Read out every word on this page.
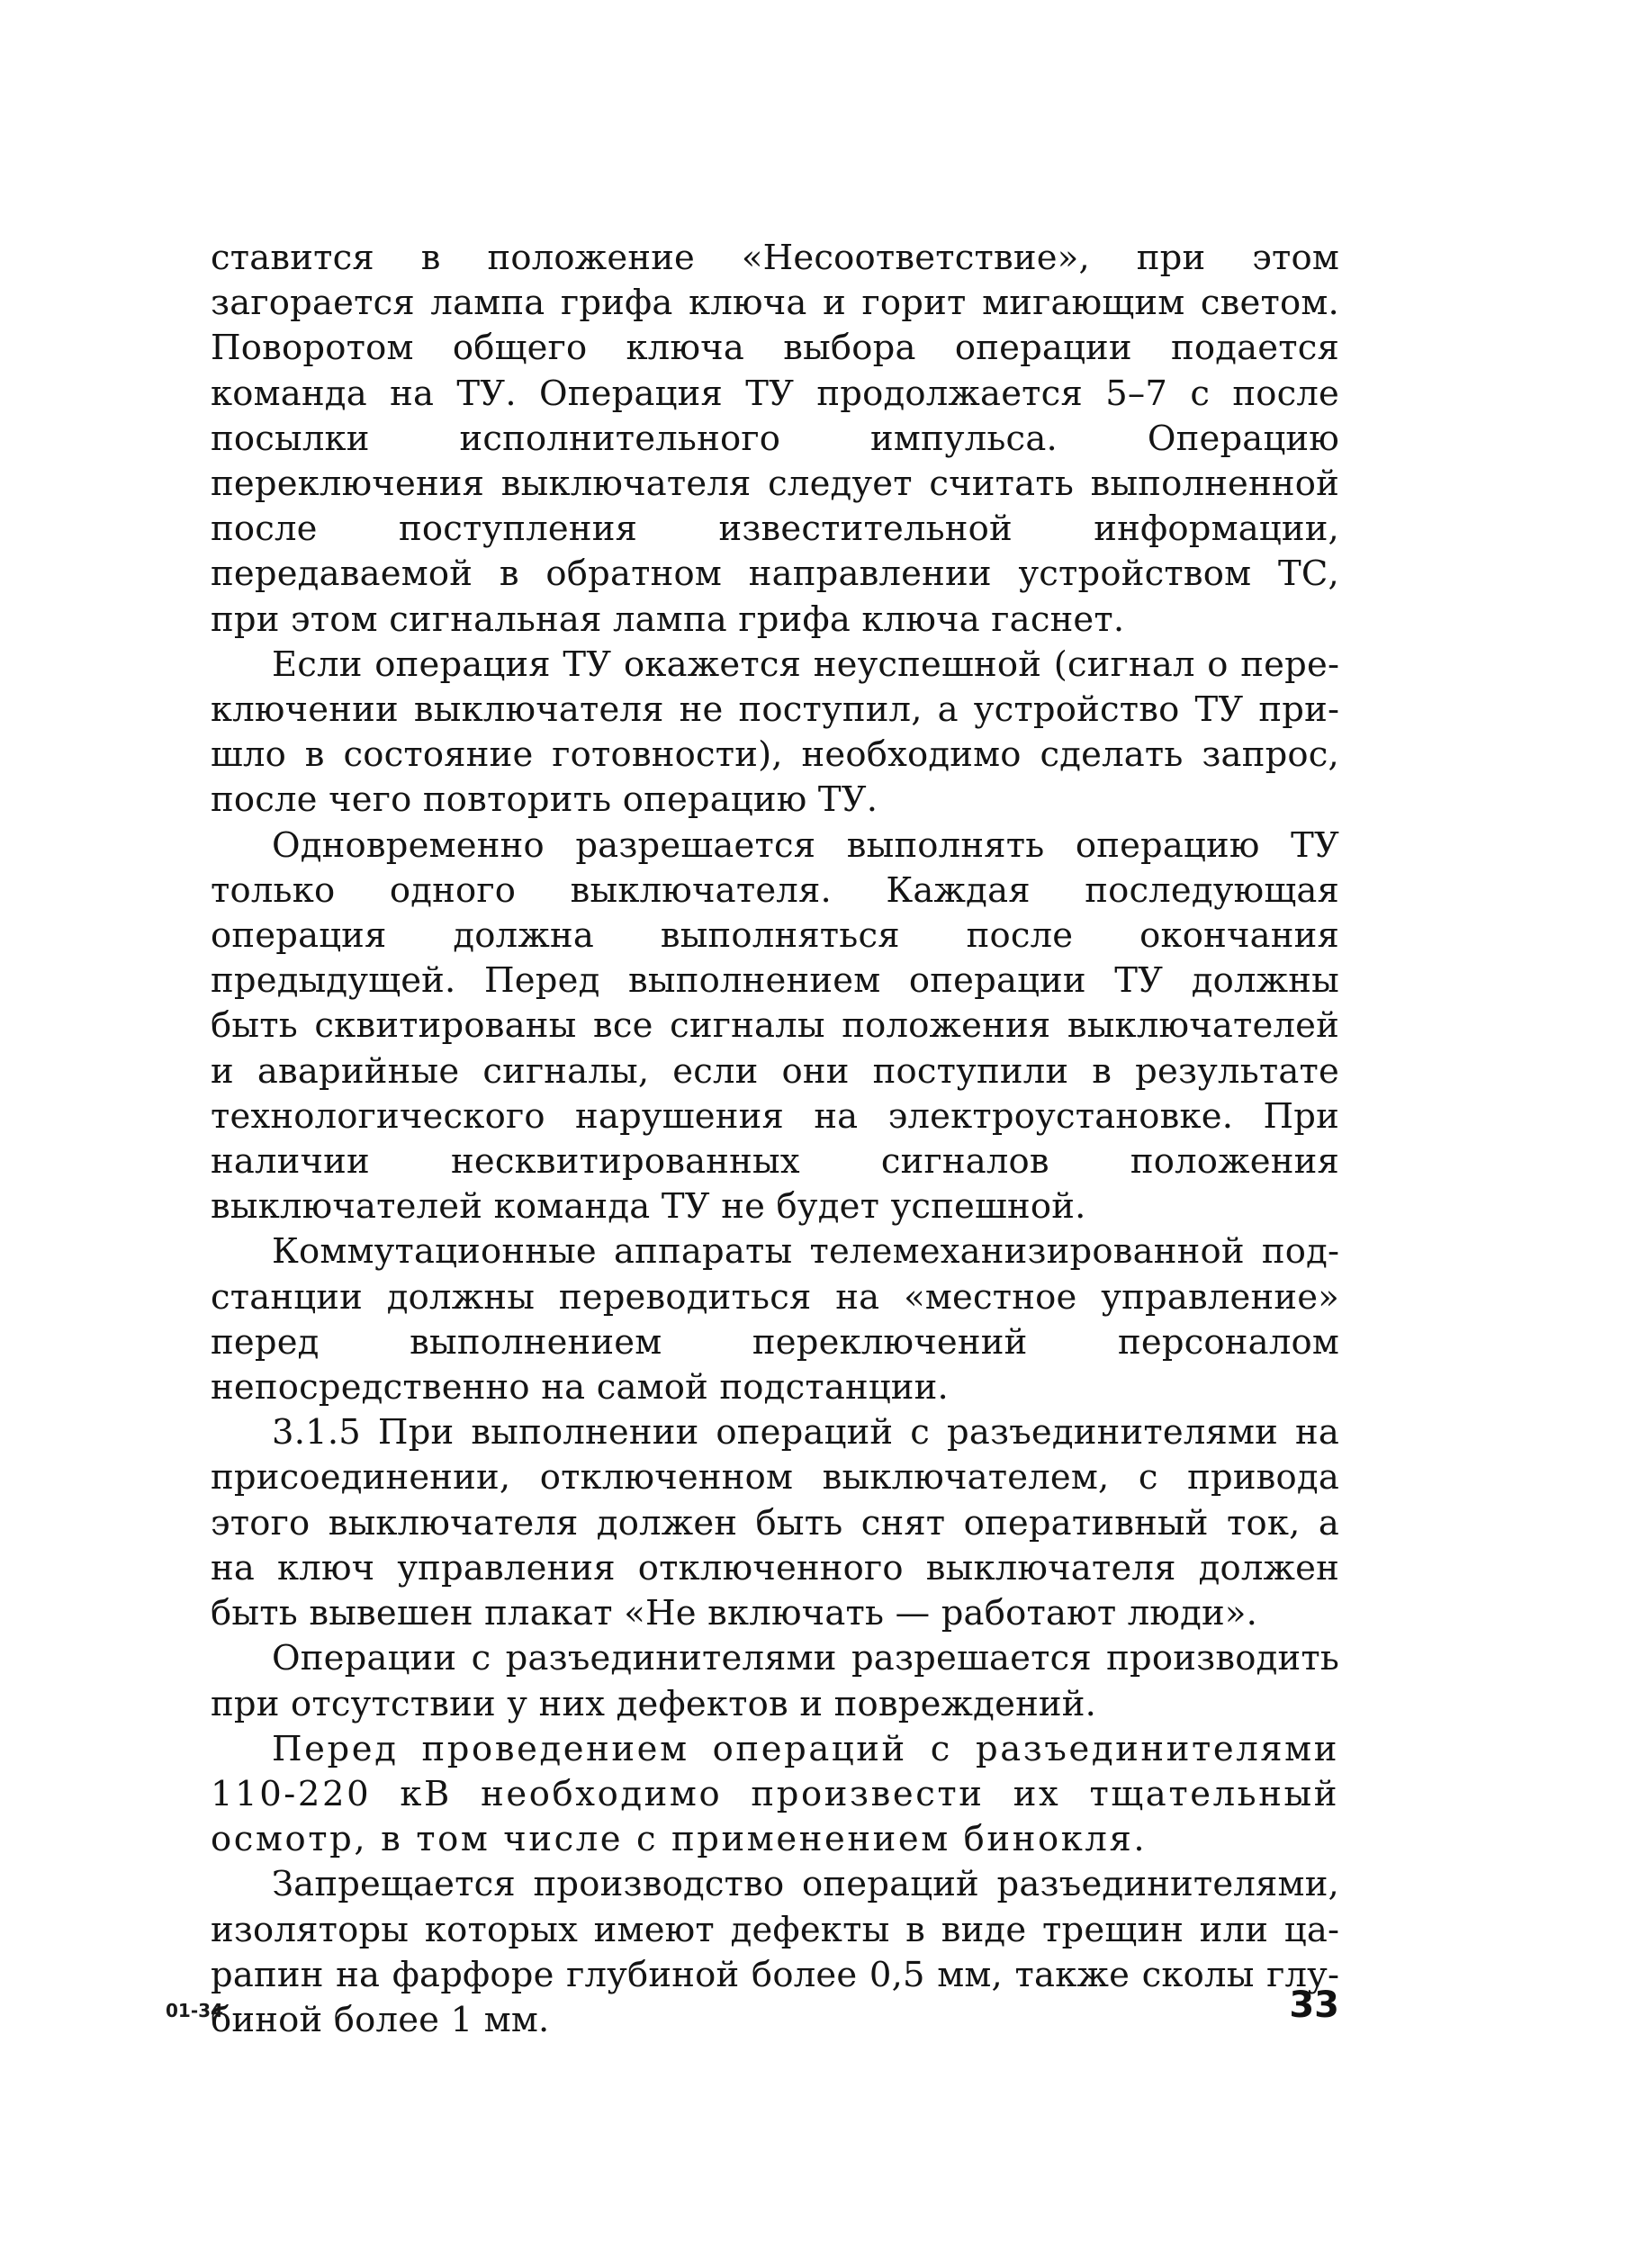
ставится в положение «Несоответствие», при этом загорается лампа грифа ключа и горит мигающим светом. Поворотом общего ключа выбора операции подается команда на ТУ. Операция ТУ продолжается 5–7 с после посылки исполнительного импульса. Операцию переключения выключателя следует считать выполненной после поступления известительной информации, передаваемой в обратном направлении устройством ТС, при этом сигнальная лампа грифа ключа гаснет.

Если операция ТУ окажется неуспешной (сигнал о переключении выключателя не поступил, а устройство ТУ пришло в состояние готовности), необходимо сделать запрос, после чего повторить операцию ТУ.

Одновременно разрешается выполнять операцию ТУ только одного выключателя. Каждая последующая операция должна выполняться после окончания предыдущей. Перед выполнением операции ТУ должны быть сквитированы все сигналы положения выключателей и аварийные сигналы, если они поступили в результате технологического нарушения на электроустановке. При наличии несквитированных сигналов положения выключателей команда ТУ не будет успешной.

Коммутационные аппараты телемеханизированной подстанции должны переводиться на «местное управление» перед выполнением переключений персоналом непосредственно на самой подстанции.

3.1.5 При выполнении операций с разъединителями на присоединении, отключенном выключателем, с привода этого выключателя должен быть снят оперативный ток, а на ключ управления отключенного выключателя должен быть вывешен плакат «Не включать — работают люди».

Операции с разъединителями разрешается производить при отсутствии у них дефектов и повреждений.

Перед проведением операций с разъединителями 110-220 кВ необходимо произвести их тщательный осмотр, в том числе с применением бинокля.

Запрещается производство операций разъединителями, изоляторы которых имеют дефекты в виде трещин или царапин на фарфоре глубиной более 0,5 мм, также сколы глубиной более 1 мм.

01-34	33
